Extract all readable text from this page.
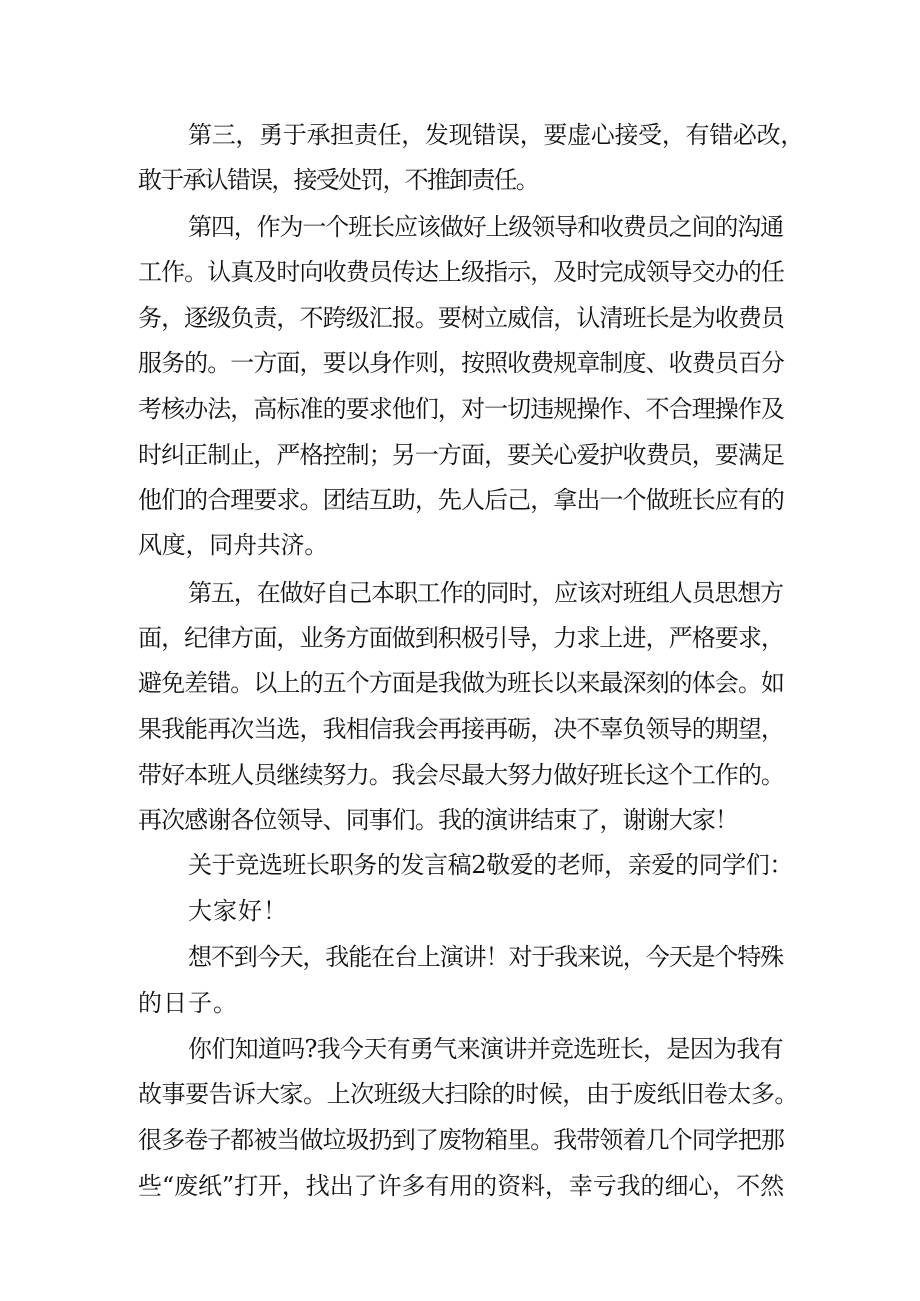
第三，勇于承担责任，发现错误，要虚心接受，有错必改，
敢于承认错误，接受处罚，不推卸责任。
第四，作为一个班长应该做好上级领导和收费员之间的沟通
工作。认真及时向收费员传达上级指示，及时完成领导交办的任
务，逐级负责，不跨级汇报。要树立威信，认清班长是为收费员
服务的。一方面，要以身作则，按照收费规章制度、收费员百分
考核办法，高标准的要求他们，对一切违规操作、不合理操作及
时纠正制止，严格控制；另一方面，要关心爱护收费员，要满足
他们的合理要求。团结互助，先人后己，拿出一个做班长应有的
风度，同舟共济。
第五，在做好自己本职工作的同时，应该对班组人员思想方
面，纪律方面，业务方面做到积极引导，力求上进，严格要求，
避免差错。以上的五个方面是我做为班长以来最深刻的体会。如
果我能再次当选，我相信我会再接再砺，决不辜负领导的期望，
带好本班人员继续努力。我会尽最大努力做好班长这个工作的。
再次感谢各位领导、同事们。我的演讲结束了，谢谢大家！
关于竞选班长职务的发言稿2敬爱的老师，亲爱的同学们：
大家好！
想不到今天，我能在台上演讲！对于我来说，今天是个特殊
的日子。
你们知道吗?我今天有勇气来演讲并竞选班长，是因为我有
故事要告诉大家。上次班级大扫除的时候，由于废纸旧卷太多。
很多卷子都被当做垃圾扔到了废物箱里。我带领着几个同学把那
些“废纸”打开，找出了许多有用的资料，幸亏我的细心，不然
